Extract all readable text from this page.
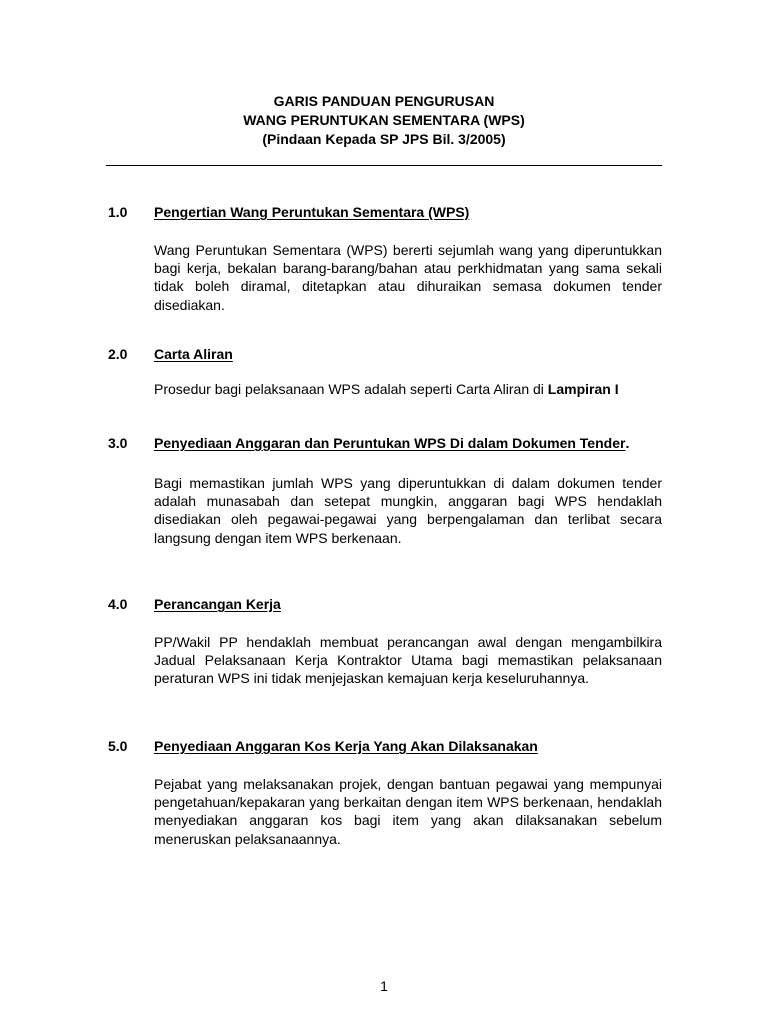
GARIS PANDUAN PENGURUSAN
WANG PERUNTUKAN SEMENTARA (WPS)
(Pindaan Kepada SP JPS Bil. 3/2005)
1.0 Pengertian Wang Peruntukan Sementara (WPS)
Wang Peruntukan Sementara (WPS) bererti sejumlah wang yang diperuntukkan bagi kerja, bekalan barang-barang/bahan atau perkhidmatan yang sama sekali tidak boleh diramal, ditetapkan atau dihuraikan semasa dokumen tender disediakan.
2.0 Carta Aliran
Prosedur bagi pelaksanaan WPS adalah seperti Carta Aliran di Lampiran I
3.0 Penyediaan Anggaran dan Peruntukan WPS Di dalam Dokumen Tender.
Bagi memastikan jumlah WPS yang diperuntukkan di dalam dokumen tender adalah munasabah dan setepat mungkin, anggaran bagi WPS hendaklah disediakan oleh pegawai-pegawai yang berpengalaman dan terlibat secara langsung dengan item WPS berkenaan.
4.0 Perancangan Kerja
PP/Wakil PP hendaklah membuat perancangan awal dengan mengambilkira Jadual Pelaksanaan Kerja Kontraktor Utama bagi memastikan pelaksanaan peraturan WPS ini tidak menjejaskan kemajuan kerja keseluruhannya.
5.0 Penyediaan Anggaran Kos Kerja Yang Akan Dilaksanakan
Pejabat yang melaksanakan projek, dengan bantuan pegawai yang mempunyai pengetahuan/kepakaran yang berkaitan dengan item WPS berkenaan, hendaklah menyediakan anggaran kos bagi item yang akan dilaksanakan sebelum meneruskan pelaksanaannya.
1
